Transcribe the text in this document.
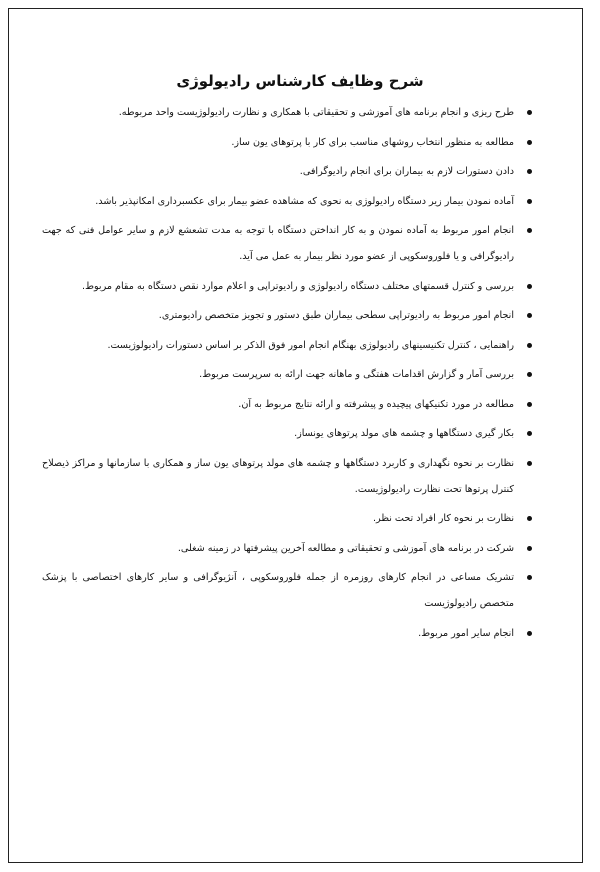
شرح وظایف کارشناس رادیولوژی
طرح ریزی و انجام برنامه های آموزشی و تحقیقاتی با همکاری و نظارت رادیولوژیست واحد مربوطه.
مطالعه به منظور انتخاب روشهای مناسب برای کار با پرتوهای یون ساز.
دادن دستورات لازم به بیماران برای انجام رادیوگرافی.
آماده نمودن بیمار زیر دستگاه رادیولوژی به نحوی که مشاهده عضو بیمار برای عکسبرداری امکانپذیر باشد.
انجام امور مربوط به آماده نمودن و به کار انداختن دستگاه با توجه به مدت تشعشع لازم و سایر عوامل فنی که جهت رادیوگرافی و یا فلوروسکوپی از عضو مورد نظر بیمار به عمل می آید.
بررسی و کنترل قسمتهای مختلف دستگاه رادیولوژی و رادیوتراپی و اعلام موارد نقص دستگاه به مقام مربوط.
انجام امور مربوط به رادیوتراپی سطحی بیماران طبق دستور و تجویز متخصص رادیومتری.
راهنمایی ، کنترل تکنیسینهای رادیولوژی بهنگام انجام امور فوق الذکر بر اساس دستورات رادیولوژیست.
بررسی آمار و گزارش اقدامات هفتگی و ماهانه جهت ارائه به سرپرست مربوط.
مطالعه در مورد تکنیکهای پیچیده و پیشرفته و ارائه نتایج مربوط به آن.
بکار گیری دستگاهها و چشمه های مولد پرتوهای یونساز.
نظارت بر نحوه نگهداری و کاربرد دستگاهها و چشمه های مولد پرتوهای یون ساز و همکاری با سازمانها و مراکز ذیصلاح کنترل پرتوها تحت نظارت رادیولوژیست.
نظارت بر نحوه کار افراد تحت نظر.
شرکت در برنامه های آموزشی و تحقیقاتی و مطالعه آخرین پیشرفتها در زمینه شغلی.
تشریک مساعی در انجام کارهای روزمره از جمله فلوروسکوپی ، آنژیوگرافی و سایر کارهای اختصاصی با پزشک متخصص رادیولوژیست
انجام سایر امور مربوط.
